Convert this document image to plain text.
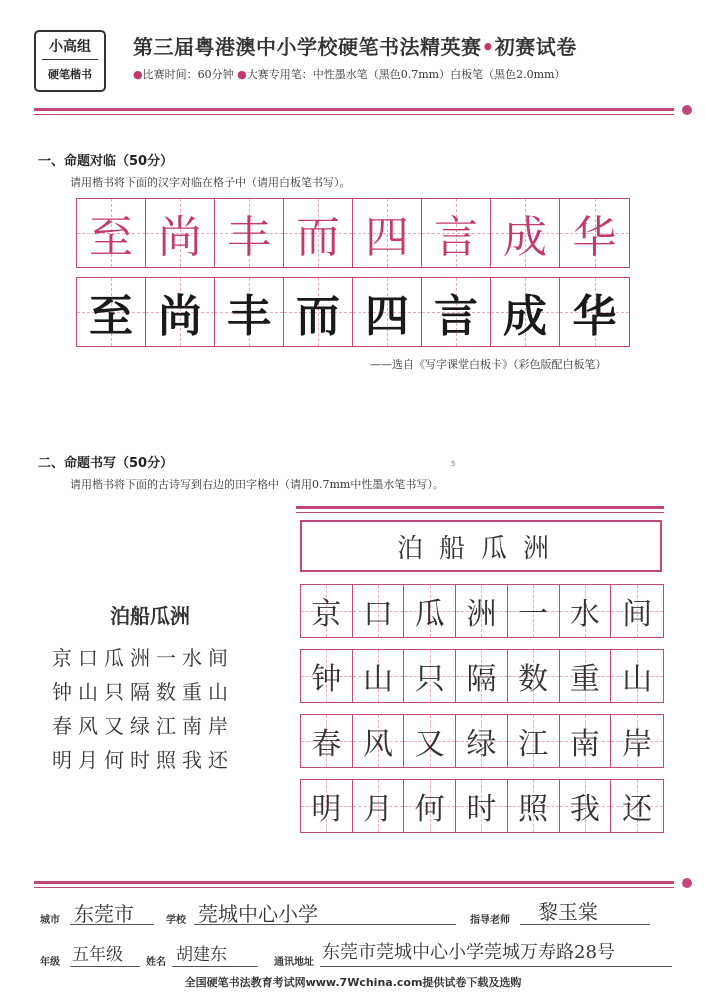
小高组
硬笔楷书
第三届粤港澳中小学校硬笔书法精英赛•初赛试卷
●比赛时间：60分钟 ●大赛专用笔：中性墨水笔（黑色0.7mm）白板笔（黑色2.0mm）
一、命题对临（50分）
请用楷书将下面的汉字对临在格子中（请用白板笔书写）。
至 尚 丰 而 四 言 成 华
至 尚 丰 而 四 言 成 华
——选自《写字课堂白板卡》（彩色版配白板笔）
5
二、命题书写（50分）
请用楷书将下面的古诗写到右边的田字格中（请用0.7mm中性墨水笔书写）。
泊船瓜洲
京口瓜洲一水间
钟山只隔数重山
春风又绿江南岸
明月何时照我还
泊船瓜洲
京 口 瓜 洲 一 水 间
钟 山 只 隔 数 重 山
春 风 又 绿 江 南 岸
明 月 何 时 照 我 还
城市 东莞市	学校 莞城中心小学	指导老师 黎玉棠
年级 五年级 姓名 胡建东	通讯地址 东莞市莞城中心小学莞城万寿路28号
全国硬笔书法教育考试网www.7Wchina.com提供试卷下载及选购
